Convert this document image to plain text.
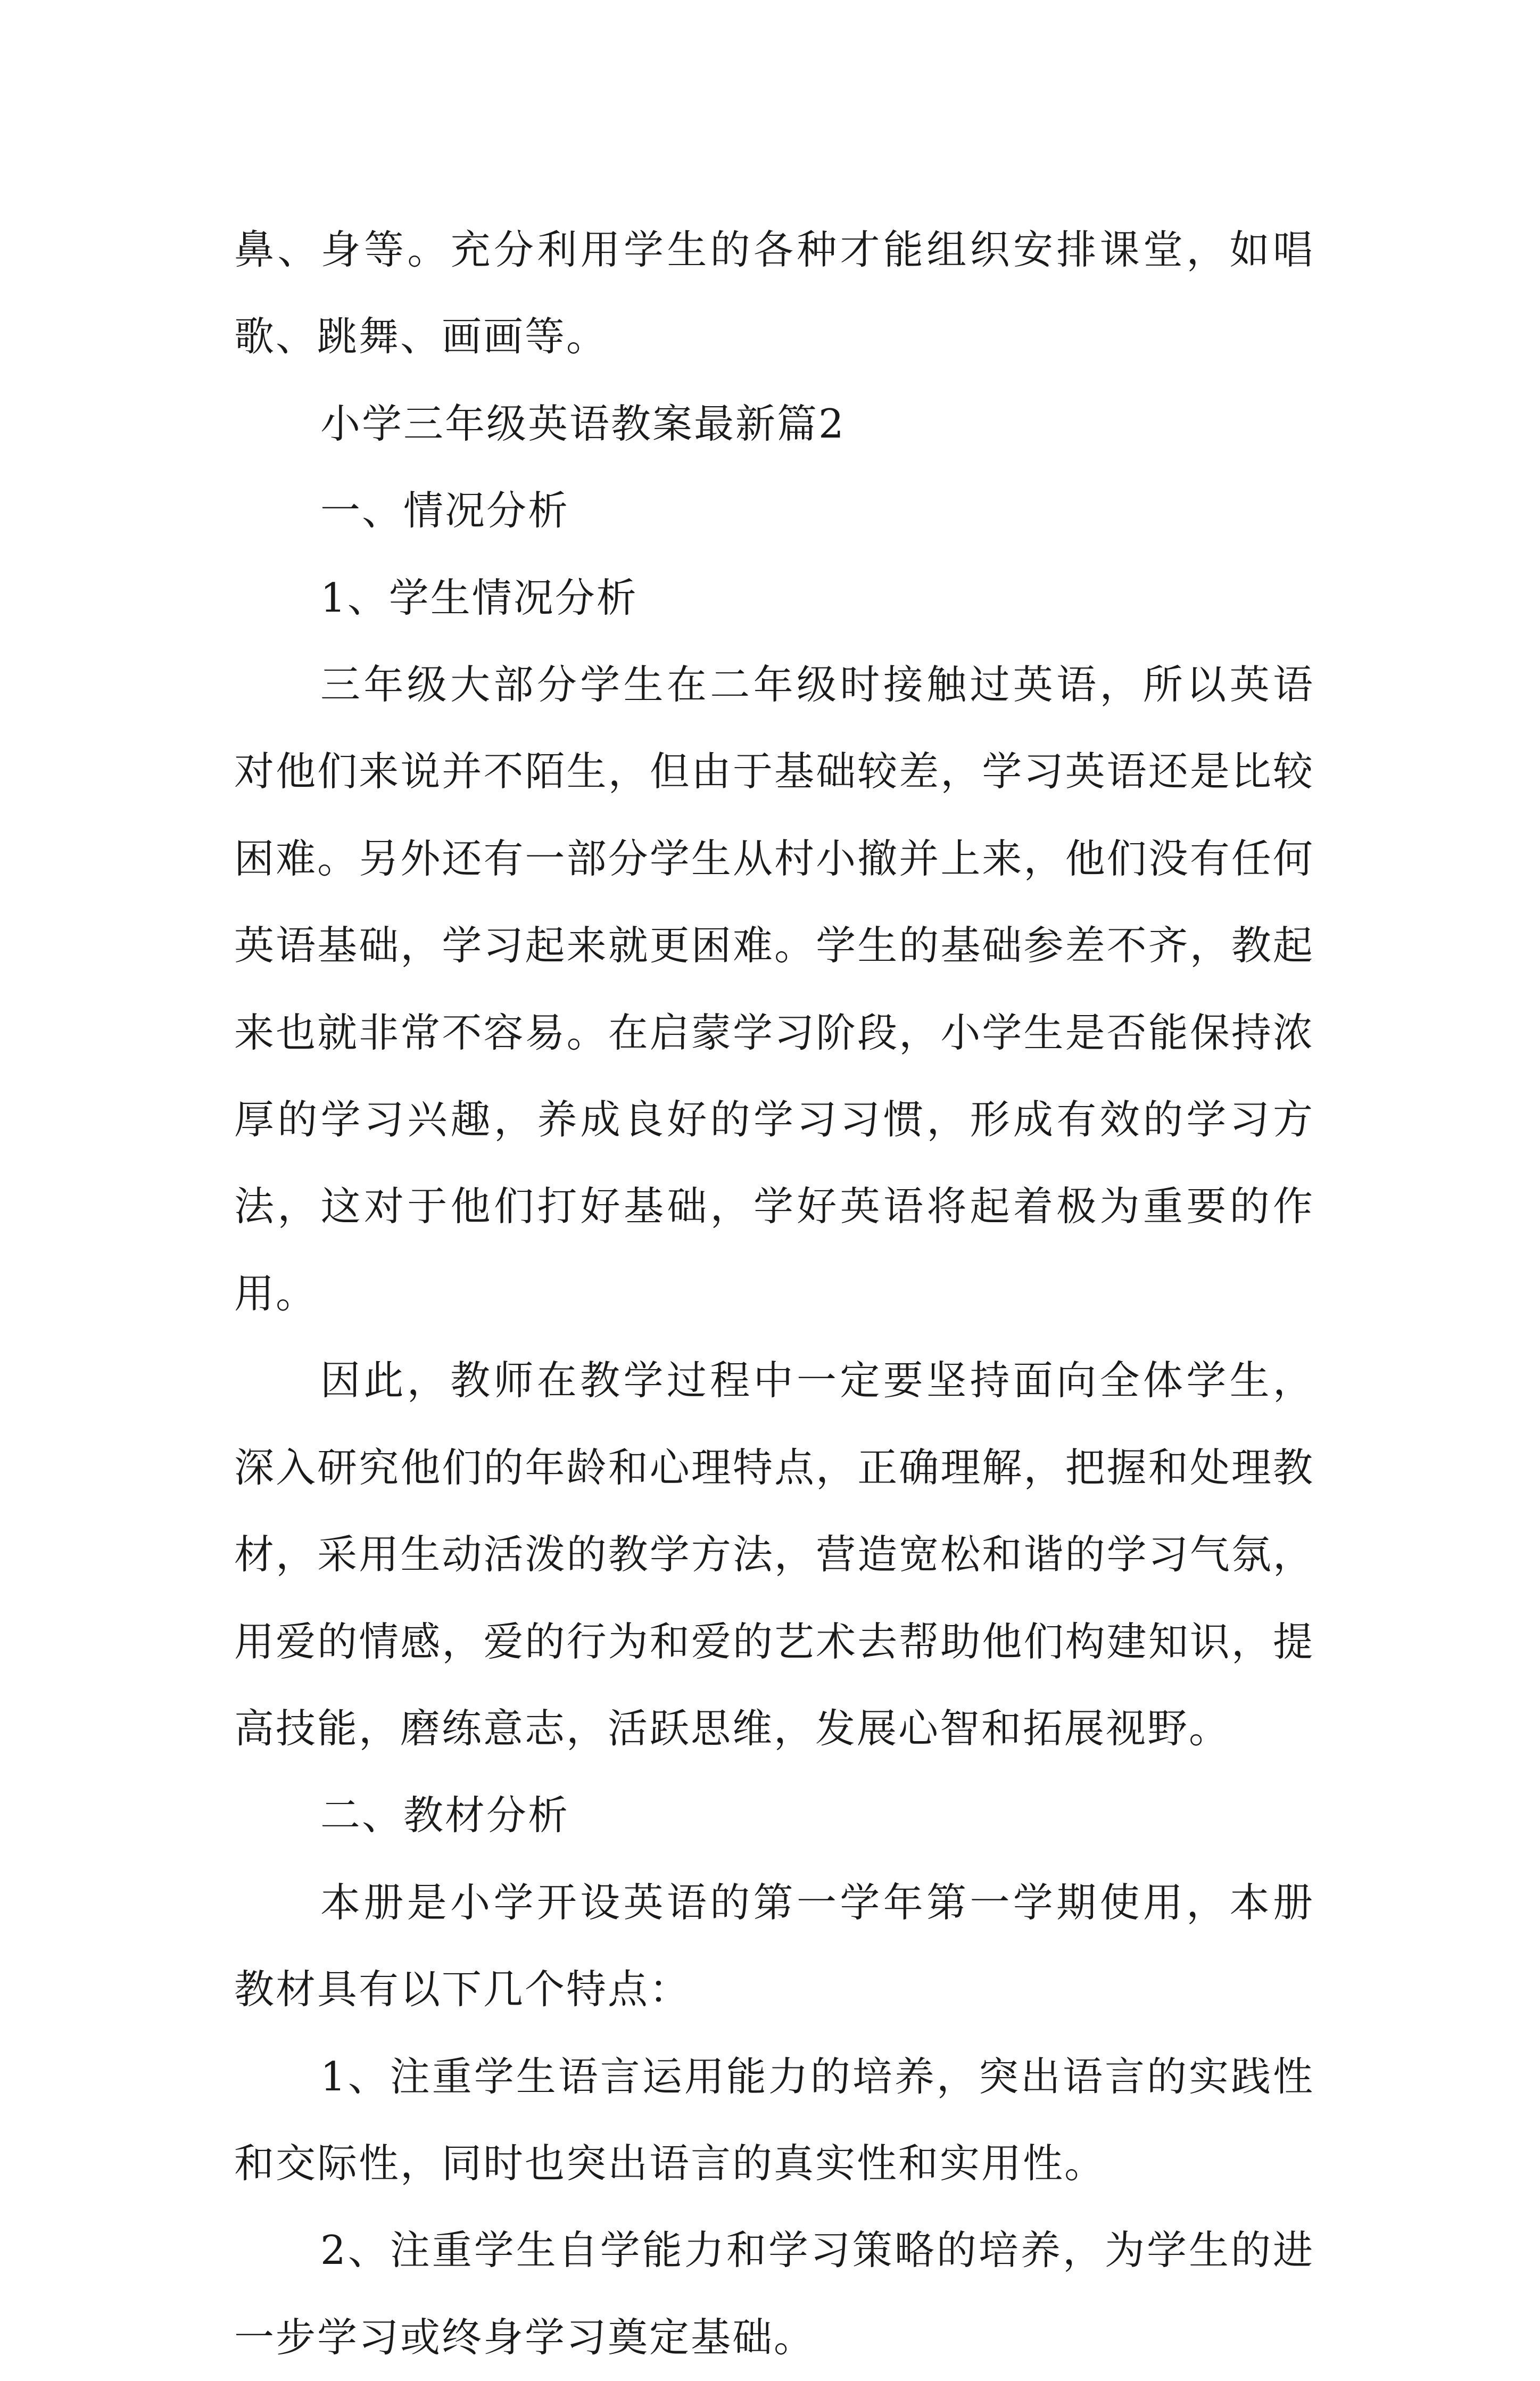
鼻、身等。充分利用学生的各种才能组织安排课堂，如唱歌、跳舞、画画等。

小学三年级英语教案最新篇2

一、情况分析

1、学生情况分析

三年级大部分学生在二年级时接触过英语，所以英语对他们来说并不陌生，但由于基础较差，学习英语还是比较困难。另外还有一部分学生从村小撤并上来，他们没有任何英语基础，学习起来就更困难。学生的基础参差不齐，教起来也就非常不容易。在启蒙学习阶段，小学生是否能保持浓厚的学习兴趣，养成良好的学习习惯，形成有效的学习方法，这对于他们打好基础，学好英语将起着极为重要的作用。

因此，教师在教学过程中一定要坚持面向全体学生，深入研究他们的年龄和心理特点，正确理解，把握和处理教材，采用生动活泼的教学方法，营造宽松和谐的学习气氛，用爱的情感，爱的行为和爱的艺术去帮助他们构建知识，提高技能，磨练意志，活跃思维，发展心智和拓展视野。

二、教材分析

本册是小学开设英语的第一学年第一学期使用，本册教材具有以下几个特点：

1、注重学生语言运用能力的培养，突出语言的实践性和交际性，同时也突出语言的真实性和实用性。

2、注重学生自学能力和学习策略的培养，为学生的进一步学习或终身学习奠定基础。
